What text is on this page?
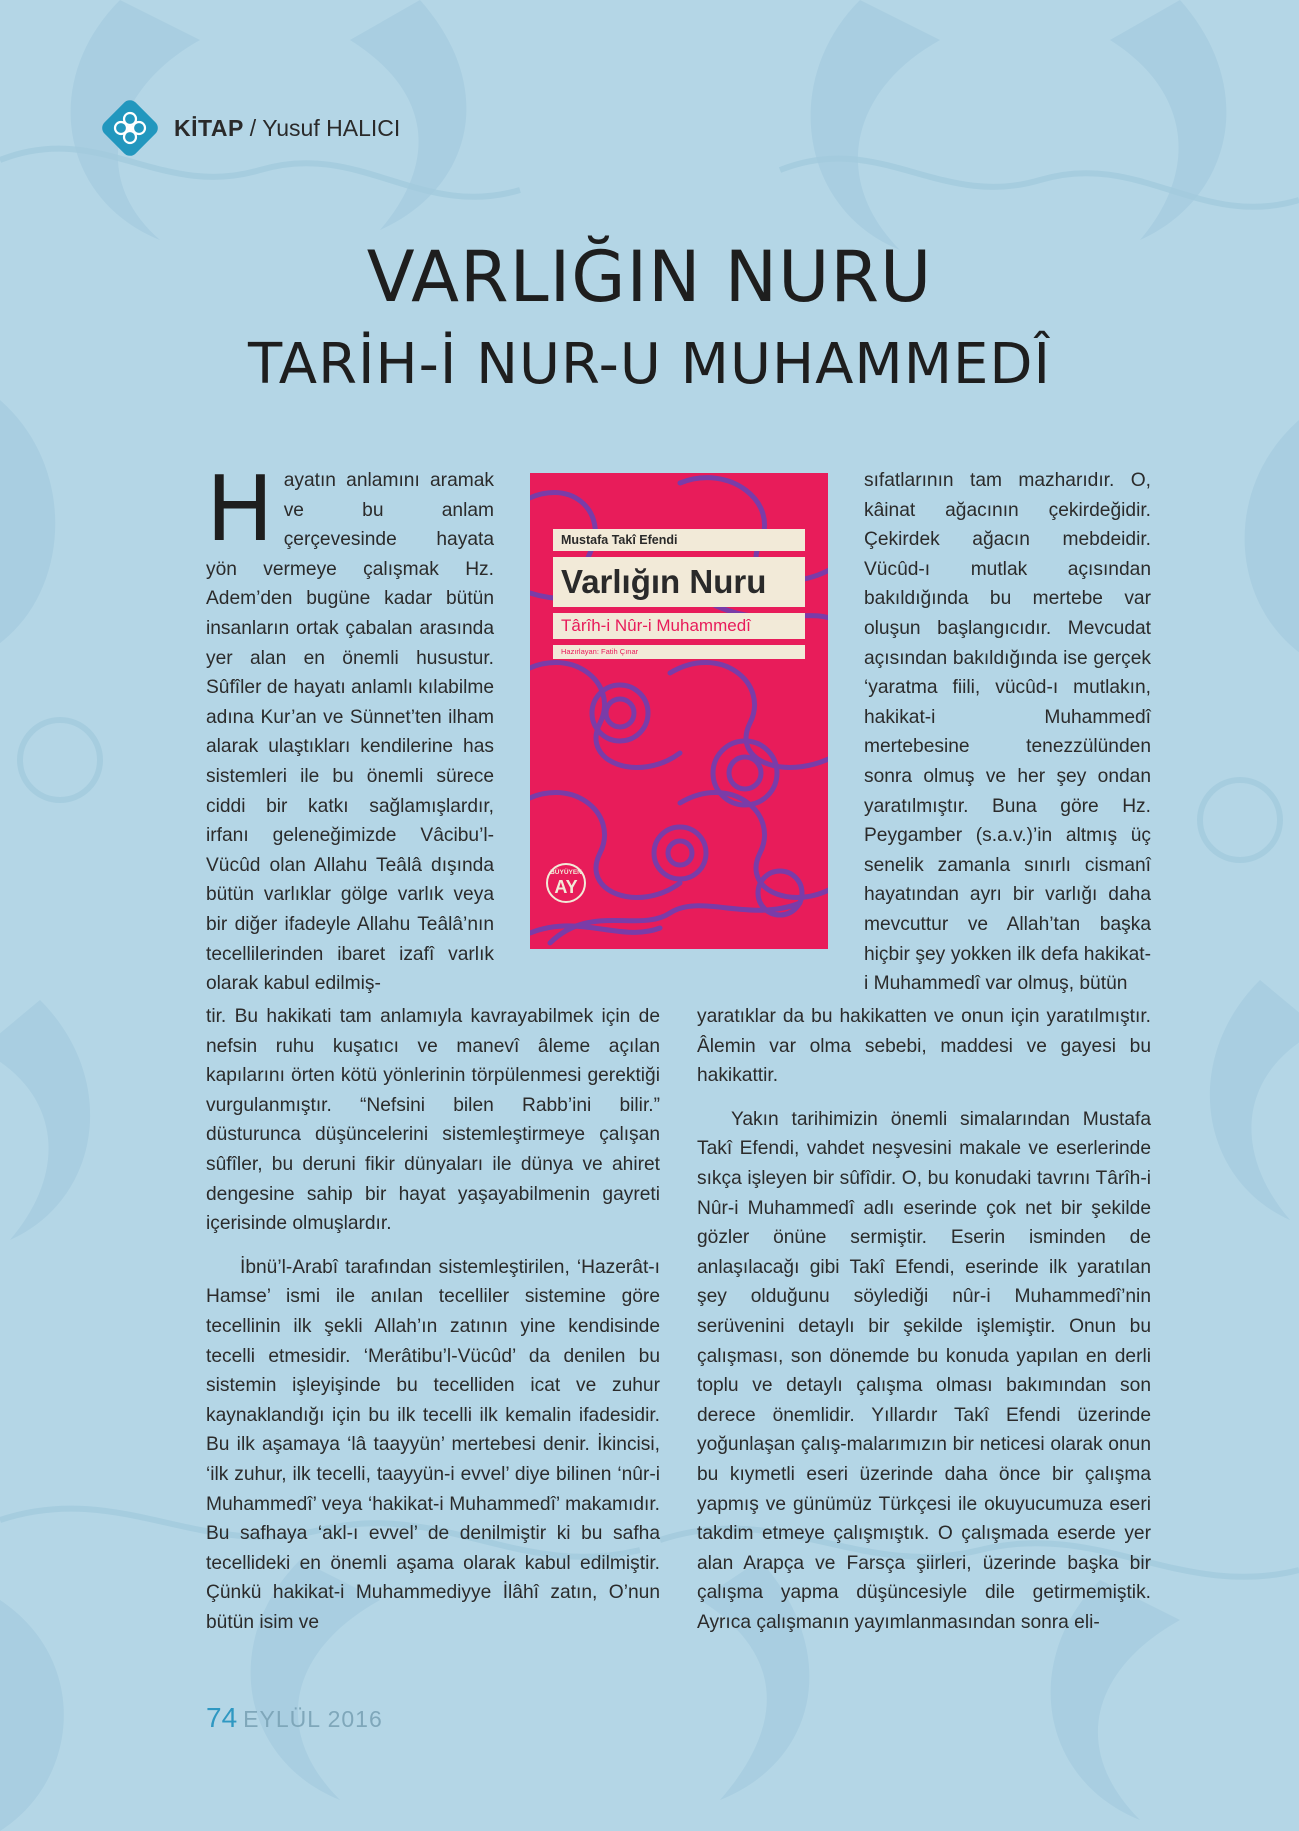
KİTAP / Yusuf HALICI
VARLIĞIN NURU
TARİH-İ NUR-U MUHAMMEDÎ

Hayatın anlamını aramak ve bu anlam çerçevesinde hayata yön vermeye çalışmak Hz. Adem’den bugüne kadar bütün insanların ortak çabalan arasında yer alan en önemli husustur. Sûfîler de hayatı anlamlı kılabilme adına Kur’an ve Sünnet’ten ilham alarak ulaştıkları kendilerine has sistemleri ile bu önemli sürece ciddi bir katkı sağlamışlardır, irfanı geleneğimizde Vâcibu’l-Vücûd olan Allahu Teâlâ dışında bütün varlıklar gölge varlık veya bir diğer ifadeyle Allahu Teâlâ’nın tecellilerinden ibaret izafî varlık olarak kabul edilmiş-

tir. Bu hakikati tam anlamıyla kavrayabilmek için de nefsin ruhu kuşatıcı ve manevî âleme açılan kapılarını örten kötü yönlerinin törpülenmesi gerektiği vurgulanmıştır. “Nefsini bilen Rabb’ini bilir.” düsturunca düşüncelerini sistemleştirmeye çalışan sûfîler, bu deruni fikir dünyaları ile dünya ve ahiret dengesine sahip bir hayat yaşayabilmenin gayreti içerisinde olmuşlardır.

İbnü’l-Arabî tarafından sistemleştirilen, ‘Hazerât-ı Hamse’ ismi ile anılan tecelliler sistemine göre tecellinin ilk şekli Allah’ın zatının yine kendisinde tecelli etmesidir. ‘Merâtibu’l-Vücûd’ da denilen bu sistemin işleyişinde bu tecelliden icat ve zuhur kaynaklandığı için bu ilk tecelli ilk kemalin ifadesidir. Bu ilk aşamaya ‘lâ taayyün’ mertebesi denir. İkincisi, ‘ilk zuhur, ilk tecelli, taayyün-i evvel’ diye bilinen ‘nûr-i Muhammedî’ veya ‘hakikat-i Muhammedî’ makamıdır. Bu safhaya ‘akl-ı evvel’ de denilmiştir ki bu safha tecellideki en önemli aşama olarak kabul edilmiştir. Çünkü hakikat-i Muhammediyye İlâhî zatın, O’nun bütün isim ve

Mustafa Takî Efendi
Varlığın Nuru
Târîh-i Nûr-i Muhammedî
Hazırlayan: Fatih Çınar
BÜYÜYEN
AY

sıfatlarının tam mazharıdır. O, kâinat ağacının çekirdeğidir. Çekirdek ağacın mebdeidir. Vücûd-ı mutlak açısından bakıldığında bu mertebe var oluşun başlangıcıdır. Mevcudat açısından bakıldığında ise gerçek ‘yaratma fiili, vücûd-ı mutlakın, hakikat-i Muhammedî mertebesine tenezzülünden sonra olmuş ve her şey ondan yaratılmıştır. Buna göre Hz. Peygamber (s.a.v.)’in altmış üç senelik zamanla sınırlı cismanî hayatından ayrı bir varlığı daha mevcuttur ve Allah’tan başka hiçbir şey yokken ilk defa hakikat-i Muhammedî var olmuş, bütün

yaratıklar da bu hakikatten ve onun için yaratılmıştır. Âlemin var olma sebebi, maddesi ve gayesi bu hakikattir.

Yakın tarihimizin önemli simalarından Mustafa Takî Efendi, vahdet neşvesini makale ve eserlerinde sıkça işleyen bir sûfîdir. O, bu konudaki tavrını Târîh-i Nûr-i Muhammedî adlı eserinde çok net bir şekilde gözler önüne sermiştir. Eserin isminden de anlaşılacağı gibi Takî Efendi, eserinde ilk yaratılan şey olduğunu söylediği nûr-i Muhammedî’nin serüvenini detaylı bir şekilde işlemiştir. Onun bu çalışması, son dönemde bu konuda yapılan en derli toplu ve detaylı çalışma olması bakımından son derece önemlidir. Yıllardır Takî Efendi üzerinde yoğunlaşan çalış-malarımızın bir neticesi olarak onun bu kıymetli eseri üzerinde daha önce bir çalışma yapmış ve günümüz Türkçesi ile okuyucumuza eseri takdim etmeye çalışmıştık. O çalışmada eserde yer alan Arapça ve Farsça şiirleri, üzerinde başka bir çalışma yapma düşüncesiyle dile getirmemiştik. Ayrıca çalışmanın yayımlanmasından sonra eli-

74 EYLÜL 2016
